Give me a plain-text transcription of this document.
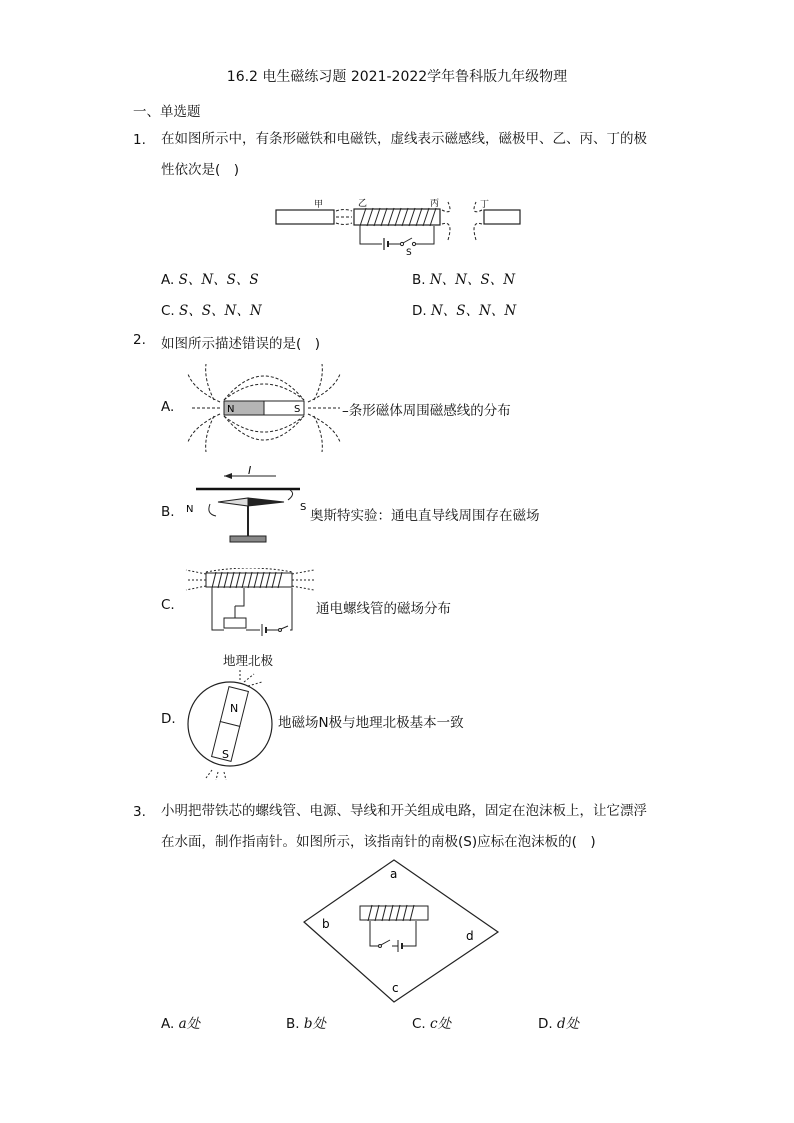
16.2 电生磁练习题 2021-2022学年鲁科版九年级物理
一、单选题
1. 在如图所示中，有条形磁铁和电磁铁，虚线表示磁感线，磁极甲、乙、丙、丁的极
性依次是(　)
甲	乙	丙	丁
S
A. S、N、S、S	B. N、N、S、N
C. S、S、N、N	D. N、S、N、N
2. 如图所示描述错误的是(　)
A.	N	S	–条形磁体周围磁感线的分布
B.
I
N	S
奥斯特实验：通电直导线周围存在磁场
C.	通电螺线管的磁场分布
地理北极
D.
N
S
地磁场N极与地理北极基本一致
3. 小明把带铁芯的螺线管、电源、导线和开关组成电路，固定在泡沫板上，让它漂浮
在水面，制作指南针。如图所示，该指南针的南极(S)应标在泡沫板的(　)
a
b
c
d
A. a处	B. b处	C. c处	D. d处
